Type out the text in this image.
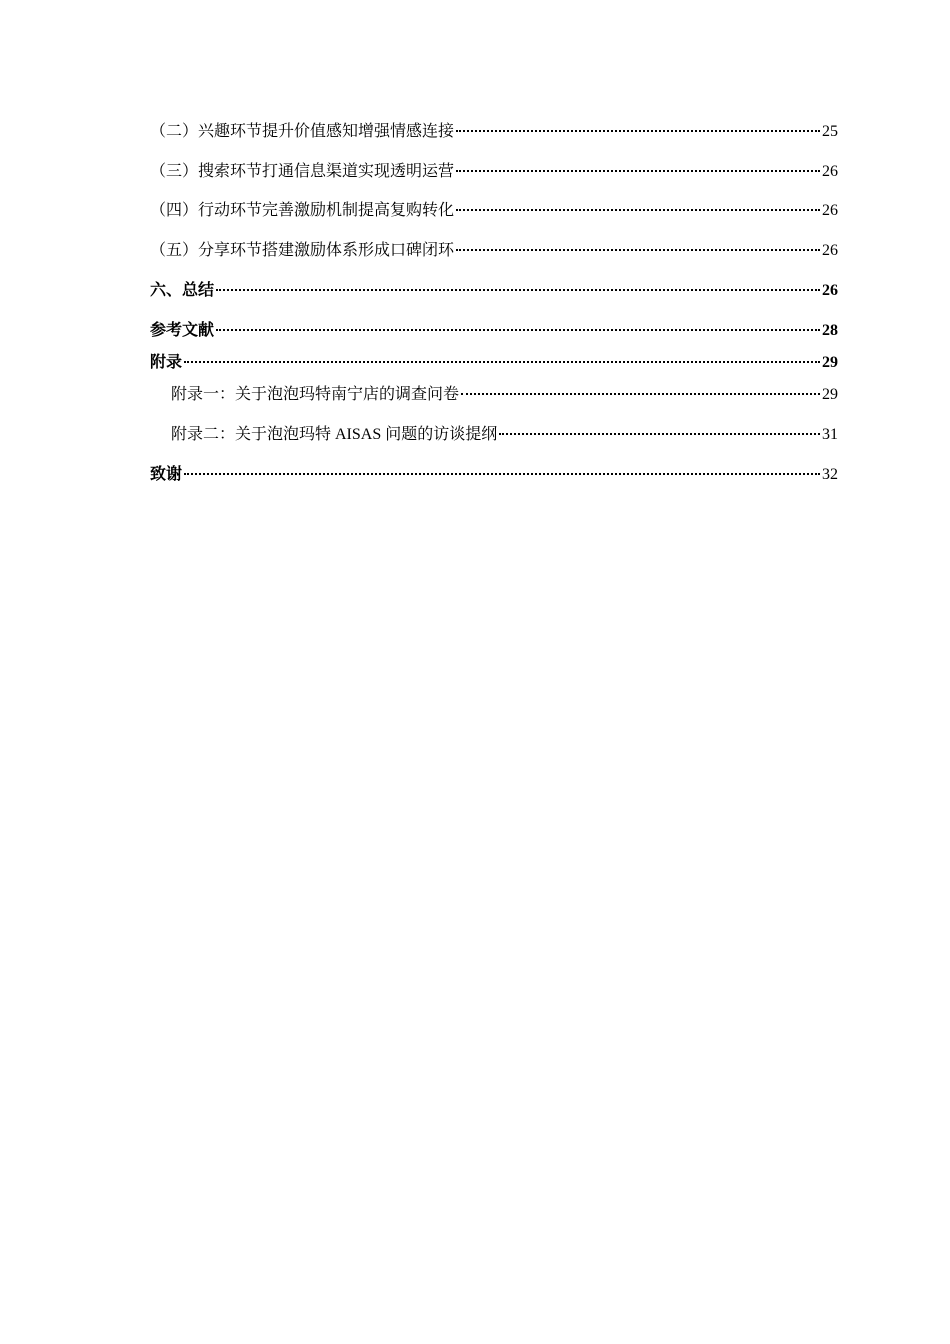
（二）兴趣环节提升价值感知增强情感连接	25
（三）搜索环节打通信息渠道实现透明运营	26
（四）行动环节完善激励机制提高复购转化	26
（五）分享环节搭建激励体系形成口碑闭环	26
六、总结	26
参考文献	28
附录	29
附录一：关于泡泡玛特南宁店的调查问卷	29
附录二：关于泡泡玛特 AISAS 问题的访谈提纲	31
致谢	32
